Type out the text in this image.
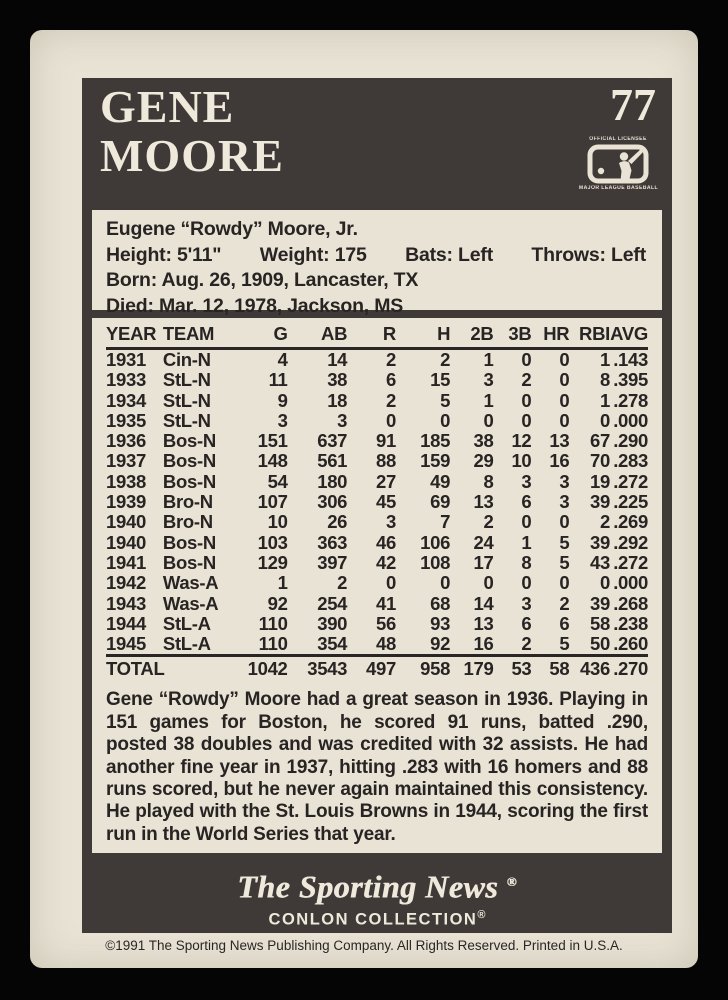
GENE
MOORE
77
OFFICIAL LICENSEE
MAJOR LEAGUE BASEBALL
Eugene “Rowdy” Moore, Jr.
Height: 5'11" Weight: 175 Bats: Left Throws: Left
Born: Aug. 26, 1909, Lancaster, TX
Died: Mar. 12, 1978, Jackson, MS
YEAR	TEAM	G	AB	R	H	2B	3B	HR	RBI	AVG
1931	Cin-N	4	14	2	2	1	0	0	1	.143
1933	StL-N	11	38	6	15	3	2	0	8	.395
1934	StL-N	9	18	2	5	1	0	0	1	.278
1935	StL-N	3	3	0	0	0	0	0	0	.000
1936	Bos-N	151	637	91	185	38	12	13	67	.290
1937	Bos-N	148	561	88	159	29	10	16	70	.283
1938	Bos-N	54	180	27	49	8	3	3	19	.272
1939	Bro-N	107	306	45	69	13	6	3	39	.225
1940	Bro-N	10	26	3	7	2	0	0	2	.269
1940	Bos-N	103	363	46	106	24	1	5	39	.292
1941	Bos-N	129	397	42	108	17	8	5	43	.272
1942	Was-A	1	2	0	0	0	0	0	0	.000
1943	Was-A	92	254	41	68	14	3	2	39	.268
1944	StL-A	110	390	56	93	13	6	6	58	.238
1945	StL-A	110	354	48	92	16	2	5	50	.260
TOTAL		1042	3543	497	958	179	53	58	436	.270
Gene “Rowdy” Moore had a great season in 1936. Playing in 151 games for Boston, he scored 91 runs, batted .290, posted 38 doubles and was credited with 32 assists. He had another fine year in 1937, hitting .283 with 16 homers and 88 runs scored, but he never again maintained this consistency. He played with the St. Louis Browns in 1944, scoring the first run in the World Series that year.
The Sporting News ®
CONLON COLLECTION®
©1991 The Sporting News Publishing Company. All Rights Reserved. Printed in U.S.A.
